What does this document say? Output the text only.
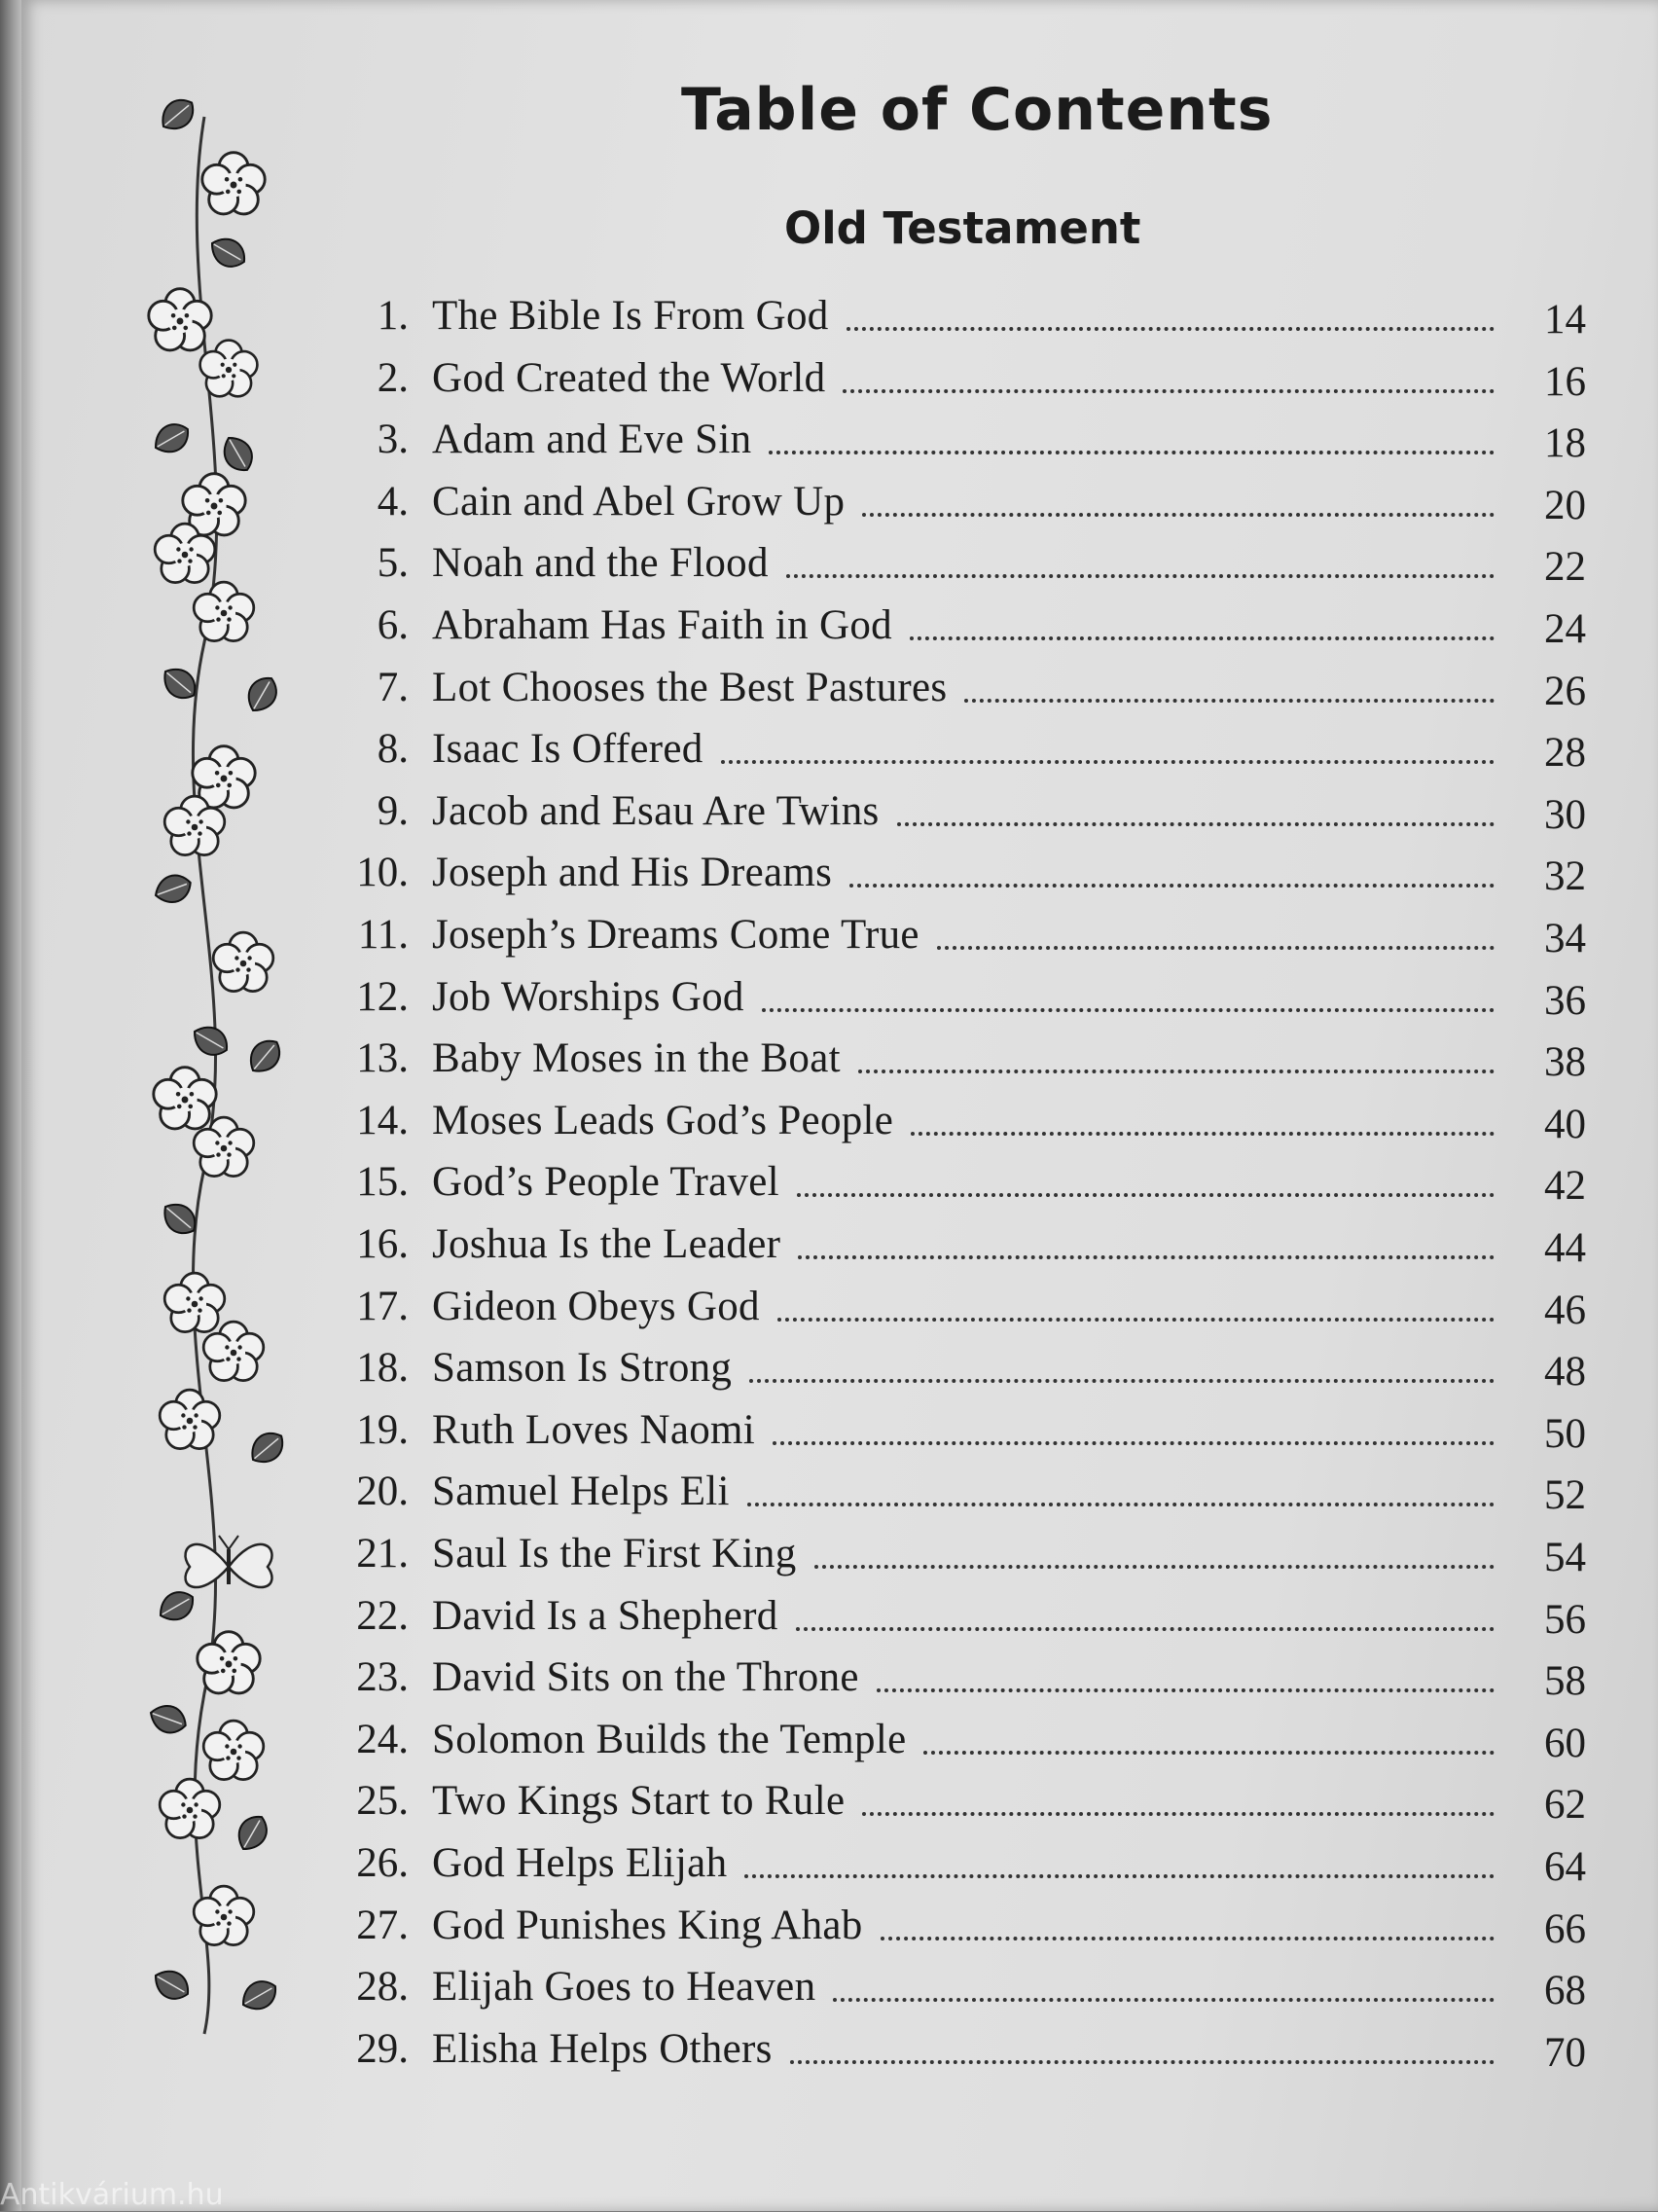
Table of Contents
Old Testament
1. The Bible Is From God	14
2. God Created the World	16
3. Adam and Eve Sin	18
4. Cain and Abel Grow Up	20
5. Noah and the Flood	22
6. Abraham Has Faith in God	24
7. Lot Chooses the Best Pastures	26
8. Isaac Is Offered	28
9. Jacob and Esau Are Twins	30
10. Joseph and His Dreams	32
11. Joseph’s Dreams Come True	34
12. Job Worships God	36
13. Baby Moses in the Boat	38
14. Moses Leads God’s People	40
15. God’s People Travel	42
16. Joshua Is the Leader	44
17. Gideon Obeys God	46
18. Samson Is Strong	48
19. Ruth Loves Naomi	50
20. Samuel Helps Eli	52
21. Saul Is the First King	54
22. David Is a Shepherd	56
23. David Sits on the Throne	58
24. Solomon Builds the Temple	60
25. Two Kings Start to Rule	62
26. God Helps Elijah	64
27. God Punishes King Ahab	66
28. Elijah Goes to Heaven	68
29. Elisha Helps Others	70
Antikvárium.hu
